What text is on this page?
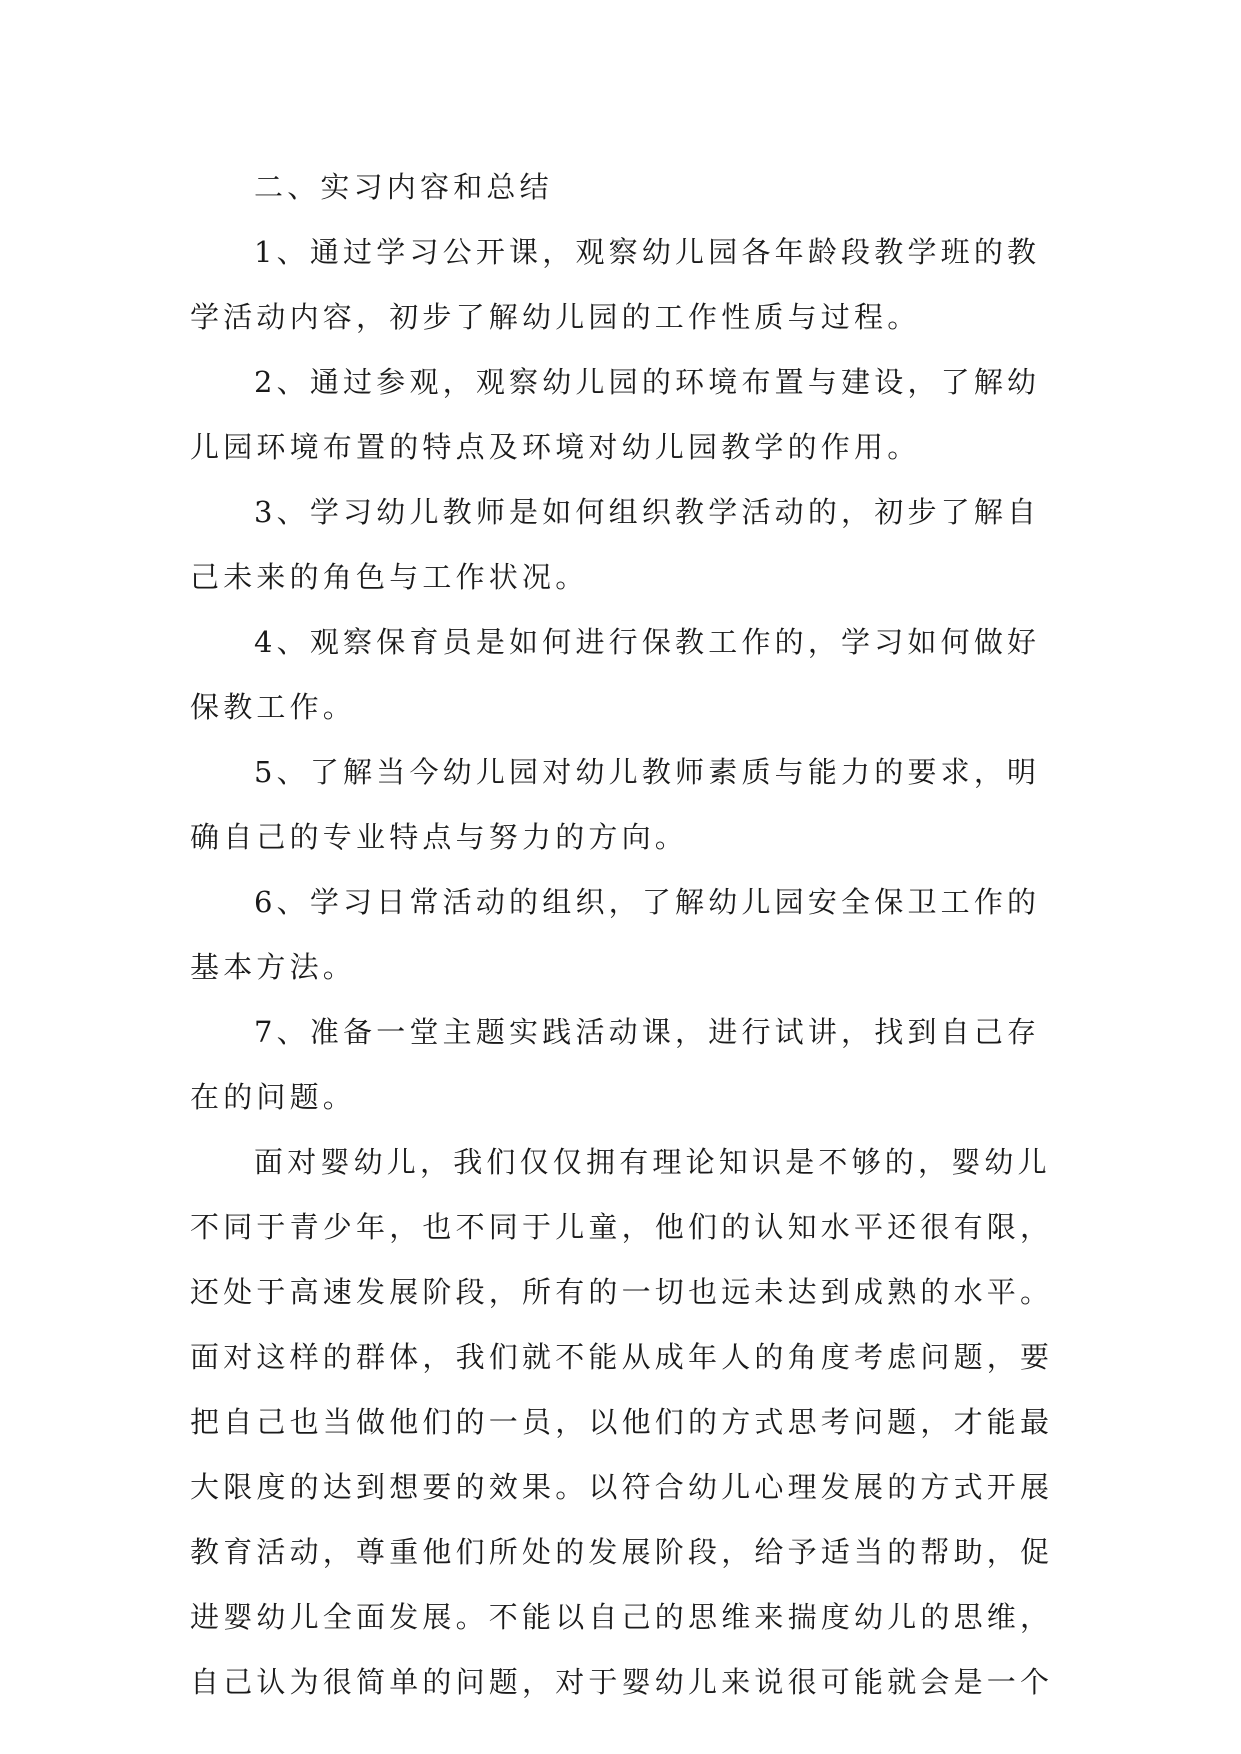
二、实习内容和总结
1、通过学习公开课，观察幼儿园各年龄段教学班的教
学活动内容，初步了解幼儿园的工作性质与过程。
2、通过参观，观察幼儿园的环境布置与建设，了解幼
儿园环境布置的特点及环境对幼儿园教学的作用。
3、学习幼儿教师是如何组织教学活动的，初步了解自
己未来的角色与工作状况。
4、观察保育员是如何进行保教工作的，学习如何做好
保教工作。
5、了解当今幼儿园对幼儿教师素质与能力的要求，明
确自己的专业特点与努力的方向。
6、学习日常活动的组织，了解幼儿园安全保卫工作的
基本方法。
7、准备一堂主题实践活动课，进行试讲，找到自己存
在的问题。
面对婴幼儿，我们仅仅拥有理论知识是不够的，婴幼儿
不同于青少年，也不同于儿童，他们的认知水平还很有限，
还处于高速发展阶段，所有的一切也远未达到成熟的水平。
面对这样的群体，我们就不能从成年人的角度考虑问题，要
把自己也当做他们的一员，以他们的方式思考问题，才能最
大限度的达到想要的效果。以符合幼儿心理发展的方式开展
教育活动，尊重他们所处的发展阶段，给予适当的帮助，促
进婴幼儿全面发展。不能以自己的思维来揣度幼儿的思维，
自己认为很简单的问题，对于婴幼儿来说很可能就会是一个
